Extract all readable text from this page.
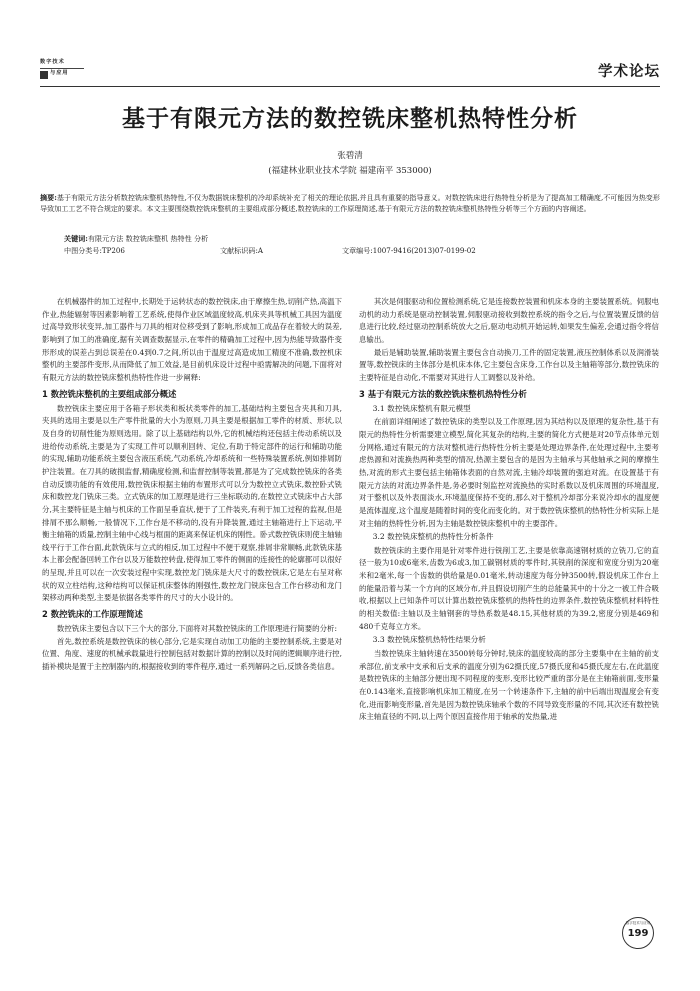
数字技术
与应用	学术论坛
基于有限元方法的数控铣床整机热特性分析
张碧清
(福建林业职业技术学院 福建南平 353000)
摘要:基于有限元方法分析数控铣床整机热特性,不仅为数据铣床整机的冷却系统补充了相关的理论依据,并且具有重要的指导意义。对数控铣床进行热特性分析是为了提高加工精确度,不可能因为热变形导致加工工艺不符合规定的要求。本文主要围绕数控铣床整机的主要组成部分概述,数控铣床的工作原理简述,基于有限元方法的数控铣床整机热特性分析等三个方面的内容阐述。
关键词:有限元方法 数控铣床整机 热特性 分析
中图分类号:TP206	文献标识码:A	文章编号:1007-9416(2013)07-0199-02

在机械器件的加工过程中,长期处于运转状态的数控铣床,由于摩擦生热,切削产热,高温下作业,热能辐射等因素影响着工艺系统,使得作业区域温度较高,机床夹具等机械工具因为温度过高导致形状变异,加工器件与刀具的相对位移受到了影响,形成加工成品存在着较大的误差,影响到了加工的准确度,据有关调查数据显示,在零件的精确加工过程中,因为热能导致器件变形形成的误差占到总误差在0.4到0.7之间,所以由于温度过高造成加工精度不准确,数控机床整机的主要部件变形,从而降低了加工效益,是目前机床设计过程中亟需解决的问题,下面将对有限元方法的数控铣床整机热特性作进一步阐释:

1 数控铣床整机的主要组成部分概述

数控铣床主要应用于各箱子形状类和板状类零件的加工,基础结构主要包含夹具和刀具,夹具的选用主要是以生产零件批量的大小为原则,刀具主要是根据加工零件的材质、形状,以及自身的切削性能为原则选用。除了以上基础结构以外,它的机械结构还包括主传动系统以及进给传动系统,主要是为了实现工件可以顺利回转、定位,有助于特定部件的运行和辅助功能的实现,辅助功能系统主要包含液压系统,气动系统,冷却系统和一些特殊装置系统,例如排屑防护注装置。在刀具的破损监督,精确度检测,和监督控制等装置,都是为了完成数控铣床的各类自动反馈功能的有效使用,数控铣床根据主轴的布置形式可以分为数控立式铣床,数控卧式铣床和数控龙门铣床三类。立式铣床的加工原理是进行三坐标联动的,在数控立式铣床中占大部分,其主要特征是主轴与机床的工作面呈垂直状,便于了工件装夹,有利于加工过程的监视,但是排屑不那么顺畅,一般情况下,工作台是不移动的,没有升降装置,通过主轴箱进行上下运动,平衡主轴箱的质量,控制主轴中心线与框面的距离来保证机床的刚性。卧式数控铣床则使主轴轴线平行于工作台面,此款铣床与立式的相反,加工过程中不便于观察,排屑非常顺畅,此款铣床基本上都会配备回转工作台以及万能数控转盘,使得加工零件的侧面的连接性的轮廓都可以很好的呈现,并且可以在一次安装过程中实现,数控龙门铣床是大尺寸的数控铣床,它是左右呈对称状的双立柱结构,这种结构可以保证机床整体的刚强性,数控龙门铣床包含工作台移动和龙门架移动两种类型,主要是依据各类零件的尺寸的大小设计的。

2 数控铣床的工作原理简述

数控铣床主要包含以下三个大的部分,下面将对其数控铣床的工作原理进行简要的分析:

首先,数控系统是数控铣床的核心部分,它是实现自动加工功能的主要控制系统,主要是对位置、角度、速度的机械承载量进行控制包括对数据计算的控制以及时间的逻辑顺序进行控,插补模块是置于主控制器内的,根据接收到的零件程序,通过一系列解码之后,反馈各类信息。

其次是伺服驱动和位置检测系统,它是连接数控装置和机床本身的主要装置系统。伺服电动机的动力系统是驱动控制装置,伺服驱动接收到数控系统的指令之后,与位置装置反馈的信息进行比较,经过驱动控制系统放大之后,驱动电动机开始运转,如果发生偏差,会通过指令将信息输出。

最后是辅助装置,辅助装置主要包含自动换刀,工件的固定装置,液压控制体系以及润滑装置等,数控铣床的主体部分是机床本体,它主要包含床身,工作台以及主轴箱等部分,数控铣床的主要特征是自动化,不需要对其进行人工调整以及补给。

3 基于有限元方法的数控铣床整机热特性分析
3.1 数控铣床整机有限元模型

在前面详细阐述了数控铣床的类型以及工作原理,因为其结构以及原理的复杂性,基于有限元的热特性分析需要建立模型,简化其复杂的结构,主要的简化方式便是对20节点体单元划分网格,通过有限元的方法对整机进行热特性分析主要是处理边界条件,在处理过程中,主要考虑热源和对流换热两种类型的情况,热源主要包含的是因为主轴承与其他轴承之间的摩擦生热,对流的形式主要包括主轴箱体表面的自然对流,主轴冷却装置的强迫对流。在设置基于有限元方法的对流边界条件是,务必要时刻监控对流换热的实时系数以及机床周围的环境温度,对于整机以及外表面淡水,环境温度保持不变的,那么对于整机冷却部分来说冷却水的温度便是流体温度,这个温度是随着时间的变化而变化的。对于数控铣床整机的热特性分析实际上是对主轴的热特性分析,因为主轴是数控铣床整机中的主要部件。

3.2 数控铣床整机的热特性分析条件

数控铣床的主要作用是针对零件进行铣削工艺,主要是依靠高速钢材质的立铣刀,它的直径一般为10或6毫米,齿数为6或3,加工碳钢材质的零件时,其铣削的深度和宽度分别为20毫米和2毫米,每一个齿数的供给量是0.01毫米,转动速度为每分钟3500转,假设机床工作台上的能量沿着与某一个方向的区域分布,并且假设切削产生的总能量其中的十分之一被工件合吸收,根据以上已知条件可以计算出数控铣床整机的热特性的边界条件,数控铣床整机材料特性的相关数值:主轴以及主轴钢套的导热系数是48.15,其他材质的为39.2,密度分别是469和480千克每立方米。

3.3 数控铣床整机热特性结果分析

当数控铣床主轴转速在3500转每分钟时,铣床的温度较高的部分主要集中在主轴的前支承部位,前支承中支承和后支承的温度分别为62摄氏度,57摄氏度和45摄氏度左右,在此温度是数控铣床的主轴部分便出现不同程度的变形,变形比较严重的部分是在主轴箱前面,变形量在0.143毫米,直接影响机床加工精度,在另一个转速条件下,主轴的前中后端出现温度会有变化,进而影响变形量,首先是因为数控铣床轴承个数的不同导致变形量的不同,其次还有数控铣床主轴直径的不同,以上两个原因直接作用于轴承的发热量,进

数字技术与应用
199
